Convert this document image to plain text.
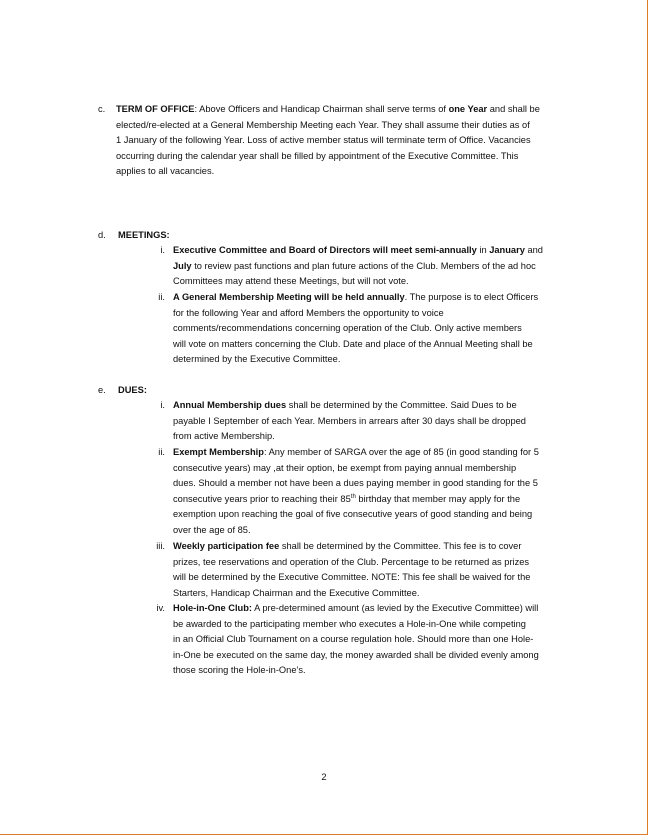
c. TERM OF OFFICE: Above Officers and Handicap Chairman shall serve terms of one Year and shall be
elected/re-elected at a General Membership Meeting each Year. They shall assume their duties as of
1 January of the following Year. Loss of active member status will terminate term of Office. Vacancies
occurring during the calendar year shall be filled by appointment of the Executive Committee. This
applies to all vacancies.
d. MEETINGS:
i. Executive Committee and Board of Directors will meet semi-annually in January and
July to review past functions and plan future actions of the Club. Members of the ad hoc
Committees may attend these Meetings, but will not vote.
ii. A General Membership Meeting will be held annually. The purpose is to elect Officers
for the following Year and afford Members the opportunity to voice
comments/recommendations concerning operation of the Club. Only active members
will vote on matters concerning the Club. Date and place of the Annual Meeting shall be
determined by the Executive Committee.
e. DUES:
i. Annual Membership dues shall be determined by the Committee. Said Dues to be
payable I September of each Year. Members in arrears after 30 days shall be dropped
from active Membership.
ii. Exempt Membership: Any member of SARGA over the age of 85 (in good standing for 5
consecutive years) may ,at their option, be exempt from paying annual membership
dues. Should a member not have been a dues paying member in good standing for the 5
consecutive years prior to reaching their 85th birthday that member may apply for the
exemption upon reaching the goal of five consecutive years of good standing and being
over the age of 85.
iii. Weekly participation fee shall be determined by the Committee. This fee is to cover
prizes, tee reservations and operation of the Club. Percentage to be returned as prizes
will be determined by the Executive Committee. NOTE: This fee shall be waived for the
Starters, Handicap Chairman and the Executive Committee.
iv. Hole-in-One Club: A pre-determined amount (as levied by the Executive Committee) will
be awarded to the participating member who executes a Hole-in-One while competing
in an Official Club Tournament on a course regulation hole. Should more than one Hole-
in-One be executed on the same day, the money awarded shall be divided evenly among
those scoring the Hole-in-One’s.
2
